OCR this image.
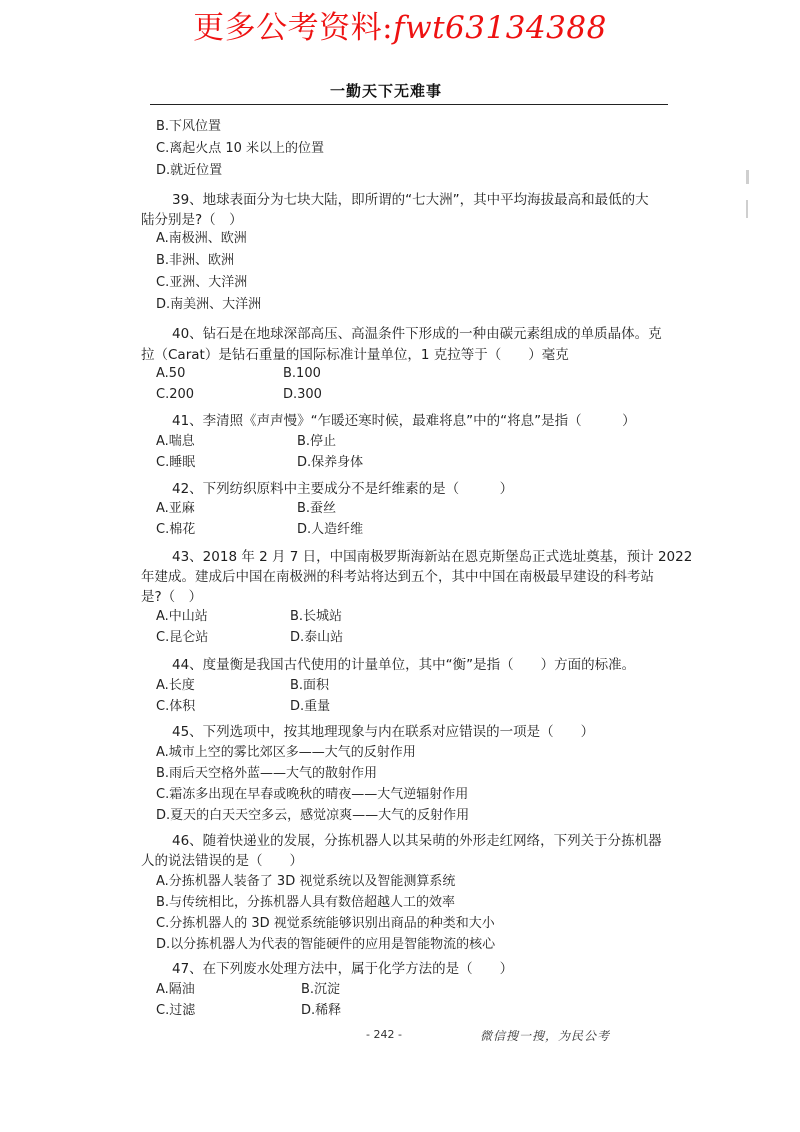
更多公考资料:fwt63134388
一勤天下无难事
B.下风位置
C.离起火点 10 米以上的位置
D.就近位置
39、地球表面分为七块大陆，即所谓的“七大洲”，其中平均海拔最高和最低的大
陆分别是?（　）
A.南极洲、欧洲
B.非洲、欧洲
C.亚洲、大洋洲
D.南美洲、大洋洲
40、钻石是在地球深部高压、高温条件下形成的一种由碳元素组成的单质晶体。克
拉（Carat）是钻石重量的国际标准计量单位，1 克拉等于（　　）毫克
A.50	B.100
C.200	D.300
41、李清照《声声慢》“乍暖还寒时候，最难将息”中的“将息”是指（　　　）
A.喘息	B.停止
C.睡眠	D.保养身体
42、下列纺织原料中主要成分不是纤维素的是（　　　）
A.亚麻	B.蚕丝
C.棉花	D.人造纤维
43、2018 年 2 月 7 日，中国南极罗斯海新站在恩克斯堡岛正式选址奠基，预计 2022
年建成。建成后中国在南极洲的科考站将达到五个，其中中国在南极最早建设的科考站
是?（　）
A.中山站	B.长城站
C.昆仑站	D.泰山站
44、度量衡是我国古代使用的计量单位，其中“衡”是指（　　）方面的标准。
A.长度	B.面积
C.体积	D.重量
45、下列选项中，按其地理现象与内在联系对应错误的一项是（　　）
A.城市上空的雾比郊区多——大气的反射作用
B.雨后天空格外蓝——大气的散射作用
C.霜冻多出现在早春或晚秋的晴夜——大气逆辐射作用
D.夏天的白天天空多云，感觉凉爽——大气的反射作用
46、随着快递业的发展，分拣机器人以其呆萌的外形走红网络，下列关于分拣机器
人的说法错误的是（　　）
A.分拣机器人装备了 3D 视觉系统以及智能测算系统
B.与传统相比，分拣机器人具有数倍超越人工的效率
C.分拣机器人的 3D 视觉系统能够识别出商品的种类和大小
D.以分拣机器人为代表的智能硬件的应用是智能物流的核心
47、在下列废水处理方法中，属于化学方法的是（　　）
A.隔油	B.沉淀
C.过滤	D.稀释
- 242 -	微信搜一搜，为民公考
